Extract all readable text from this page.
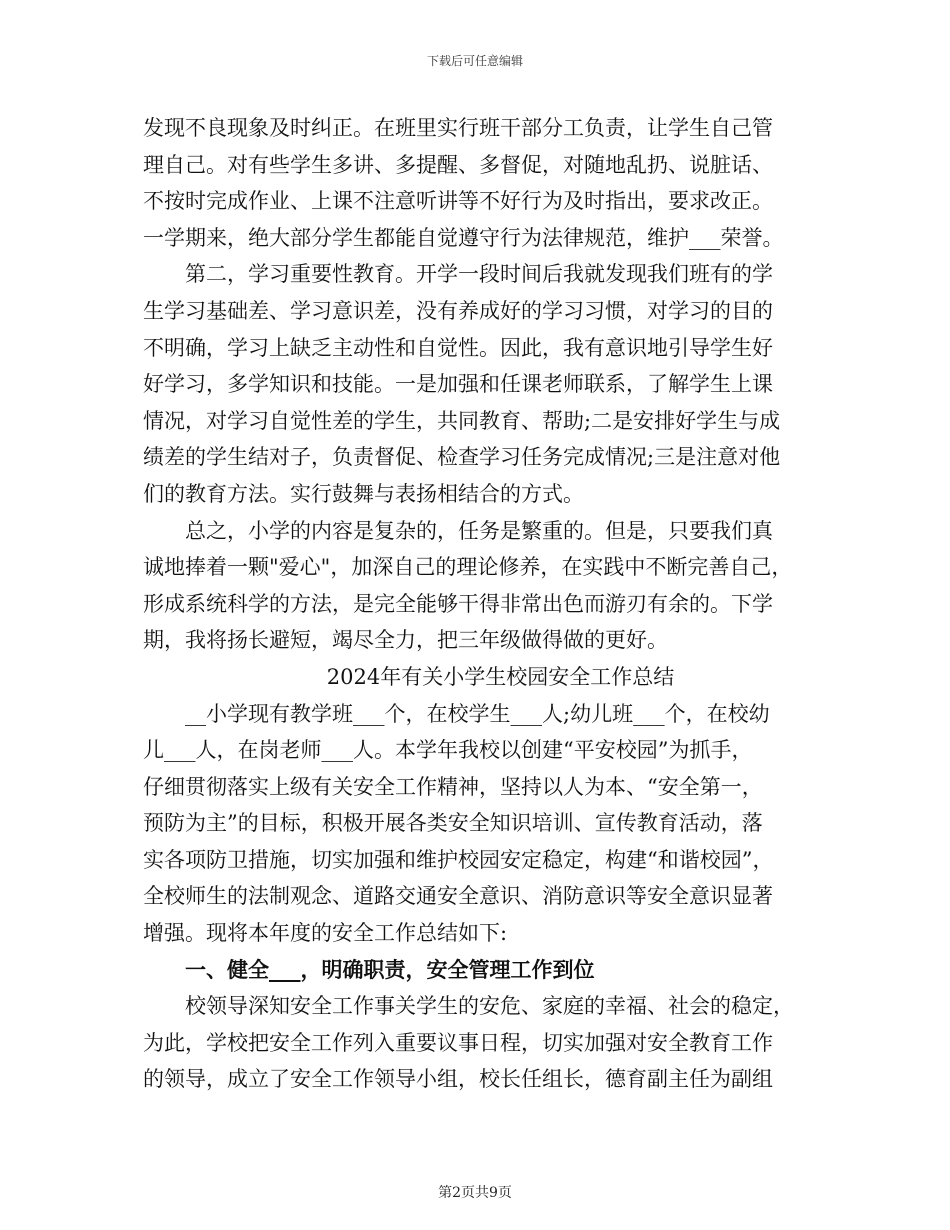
下载后可任意编辑
发现不良现象及时纠正。在班里实行班干部分工负责，让学生自己管
理自己。对有些学生多讲、多提醒、多督促，对随地乱扔、说脏话、
不按时完成作业、上课不注意听讲等不好行为及时指出，要求改正。
一学期来，绝大部分学生都能自觉遵守行为法律规范，维护___荣誉。
第二，学习重要性教育。开学一段时间后我就发现我们班有的学
生学习基础差、学习意识差，没有养成好的学习习惯，对学习的目的
不明确，学习上缺乏主动性和自觉性。因此，我有意识地引导学生好
好学习，多学知识和技能。一是加强和任课老师联系，了解学生上课
情况，对学习自觉性差的学生，共同教育、帮助;二是安排好学生与成
绩差的学生结对子，负责督促、检查学习任务完成情况;三是注意对他
们的教育方法。实行鼓舞与表扬相结合的方式。
总之，小学的内容是复杂的，任务是繁重的。但是，只要我们真
诚地捧着一颗"爱心"，加深自己的理论修养，在实践中不断完善自己，
形成系统科学的方法，是完全能够干得非常出色而游刃有余的。下学
期，我将扬长避短，竭尽全力，把三年级做得做的更好。
2024年有关小学生校园安全工作总结
__小学现有教学班___个，在校学生___人;幼儿班___个，在校幼
儿___人，在岗老师___人。本学年我校以创建“平安校园”为抓手，
仔细贯彻落实上级有关安全工作精神，坚持以人为本、“安全第一，
预防为主”的目标，积极开展各类安全知识培训、宣传教育活动，落
实各项防卫措施，切实加强和维护校园安定稳定，构建“和谐校园”，
全校师生的法制观念、道路交通安全意识、消防意识等安全意识显著
增强。现将本年度的安全工作总结如下:
一、健全___，明确职责，安全管理工作到位
校领导深知安全工作事关学生的安危、家庭的幸福、社会的稳定，
为此，学校把安全工作列入重要议事日程，切实加强对安全教育工作
的领导，成立了安全工作领导小组，校长任组长，德育副主任为副组
第2页共9页
